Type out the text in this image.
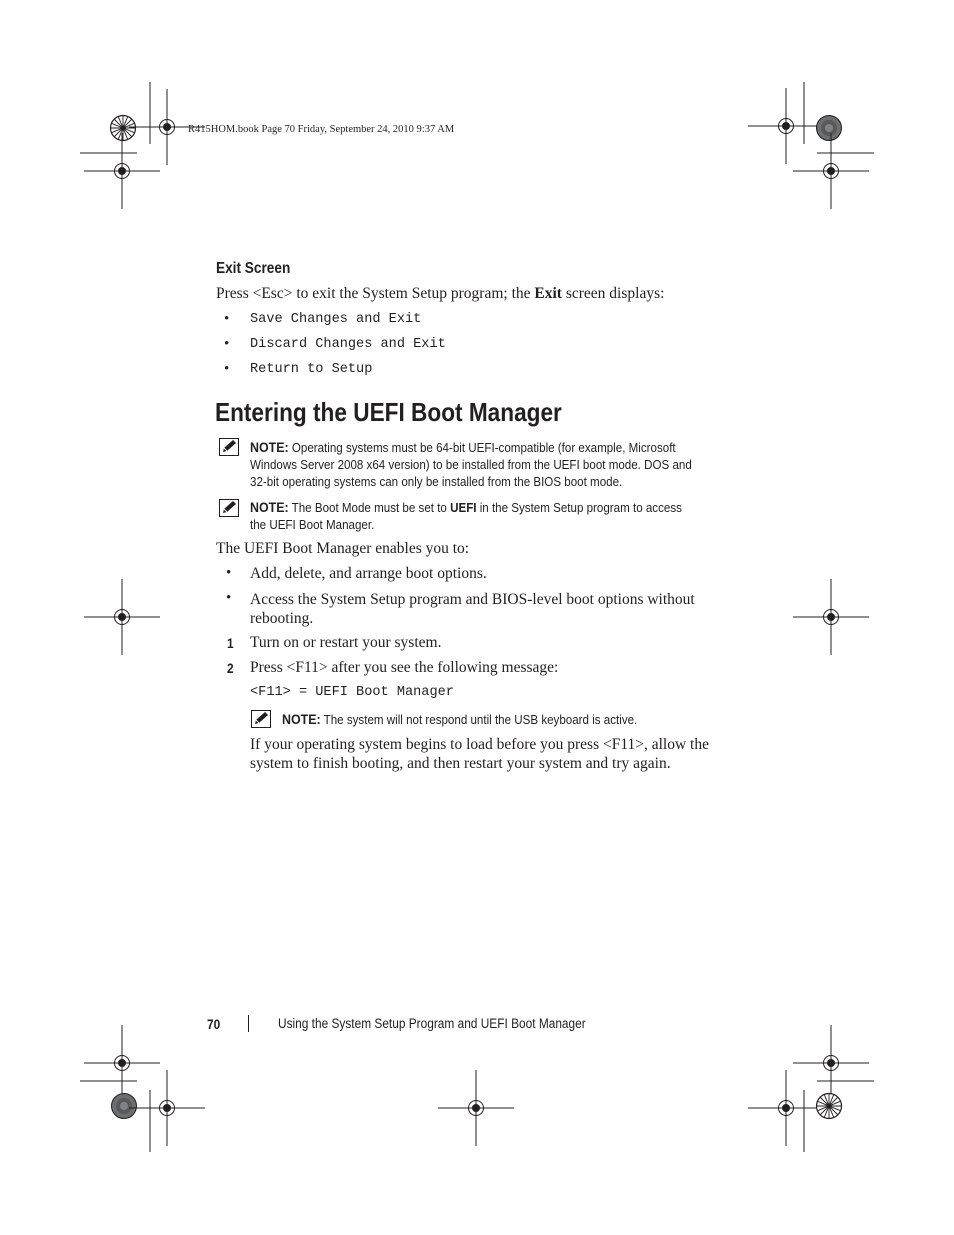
R415HOM.book Page 70 Friday, September 24, 2010 9:37 AM
Exit Screen
Press <Esc> to exit the System Setup program; the Exit screen displays:
• Save Changes and Exit
• Discard Changes and Exit
• Return to Setup
Entering the UEFI Boot Manager
NOTE: Operating systems must be 64-bit UEFI-compatible (for example, Microsoft
Windows Server 2008 x64 version) to be installed from the UEFI boot mode. DOS and
32-bit operating systems can only be installed from the BIOS boot mode.
NOTE: The Boot Mode must be set to UEFI in the System Setup program to access
the UEFI Boot Manager.
The UEFI Boot Manager enables you to:
• Add, delete, and arrange boot options.
• Access the System Setup program and BIOS-level boot options without
rebooting.
1 Turn on or restart your system.
2 Press <F11> after you see the following message:
<F11> = UEFI Boot Manager
NOTE: The system will not respond until the USB keyboard is active.
If your operating system begins to load before you press <F11>, allow the
system to finish booting, and then restart your system and try again.
70	Using the System Setup Program and UEFI Boot Manager
